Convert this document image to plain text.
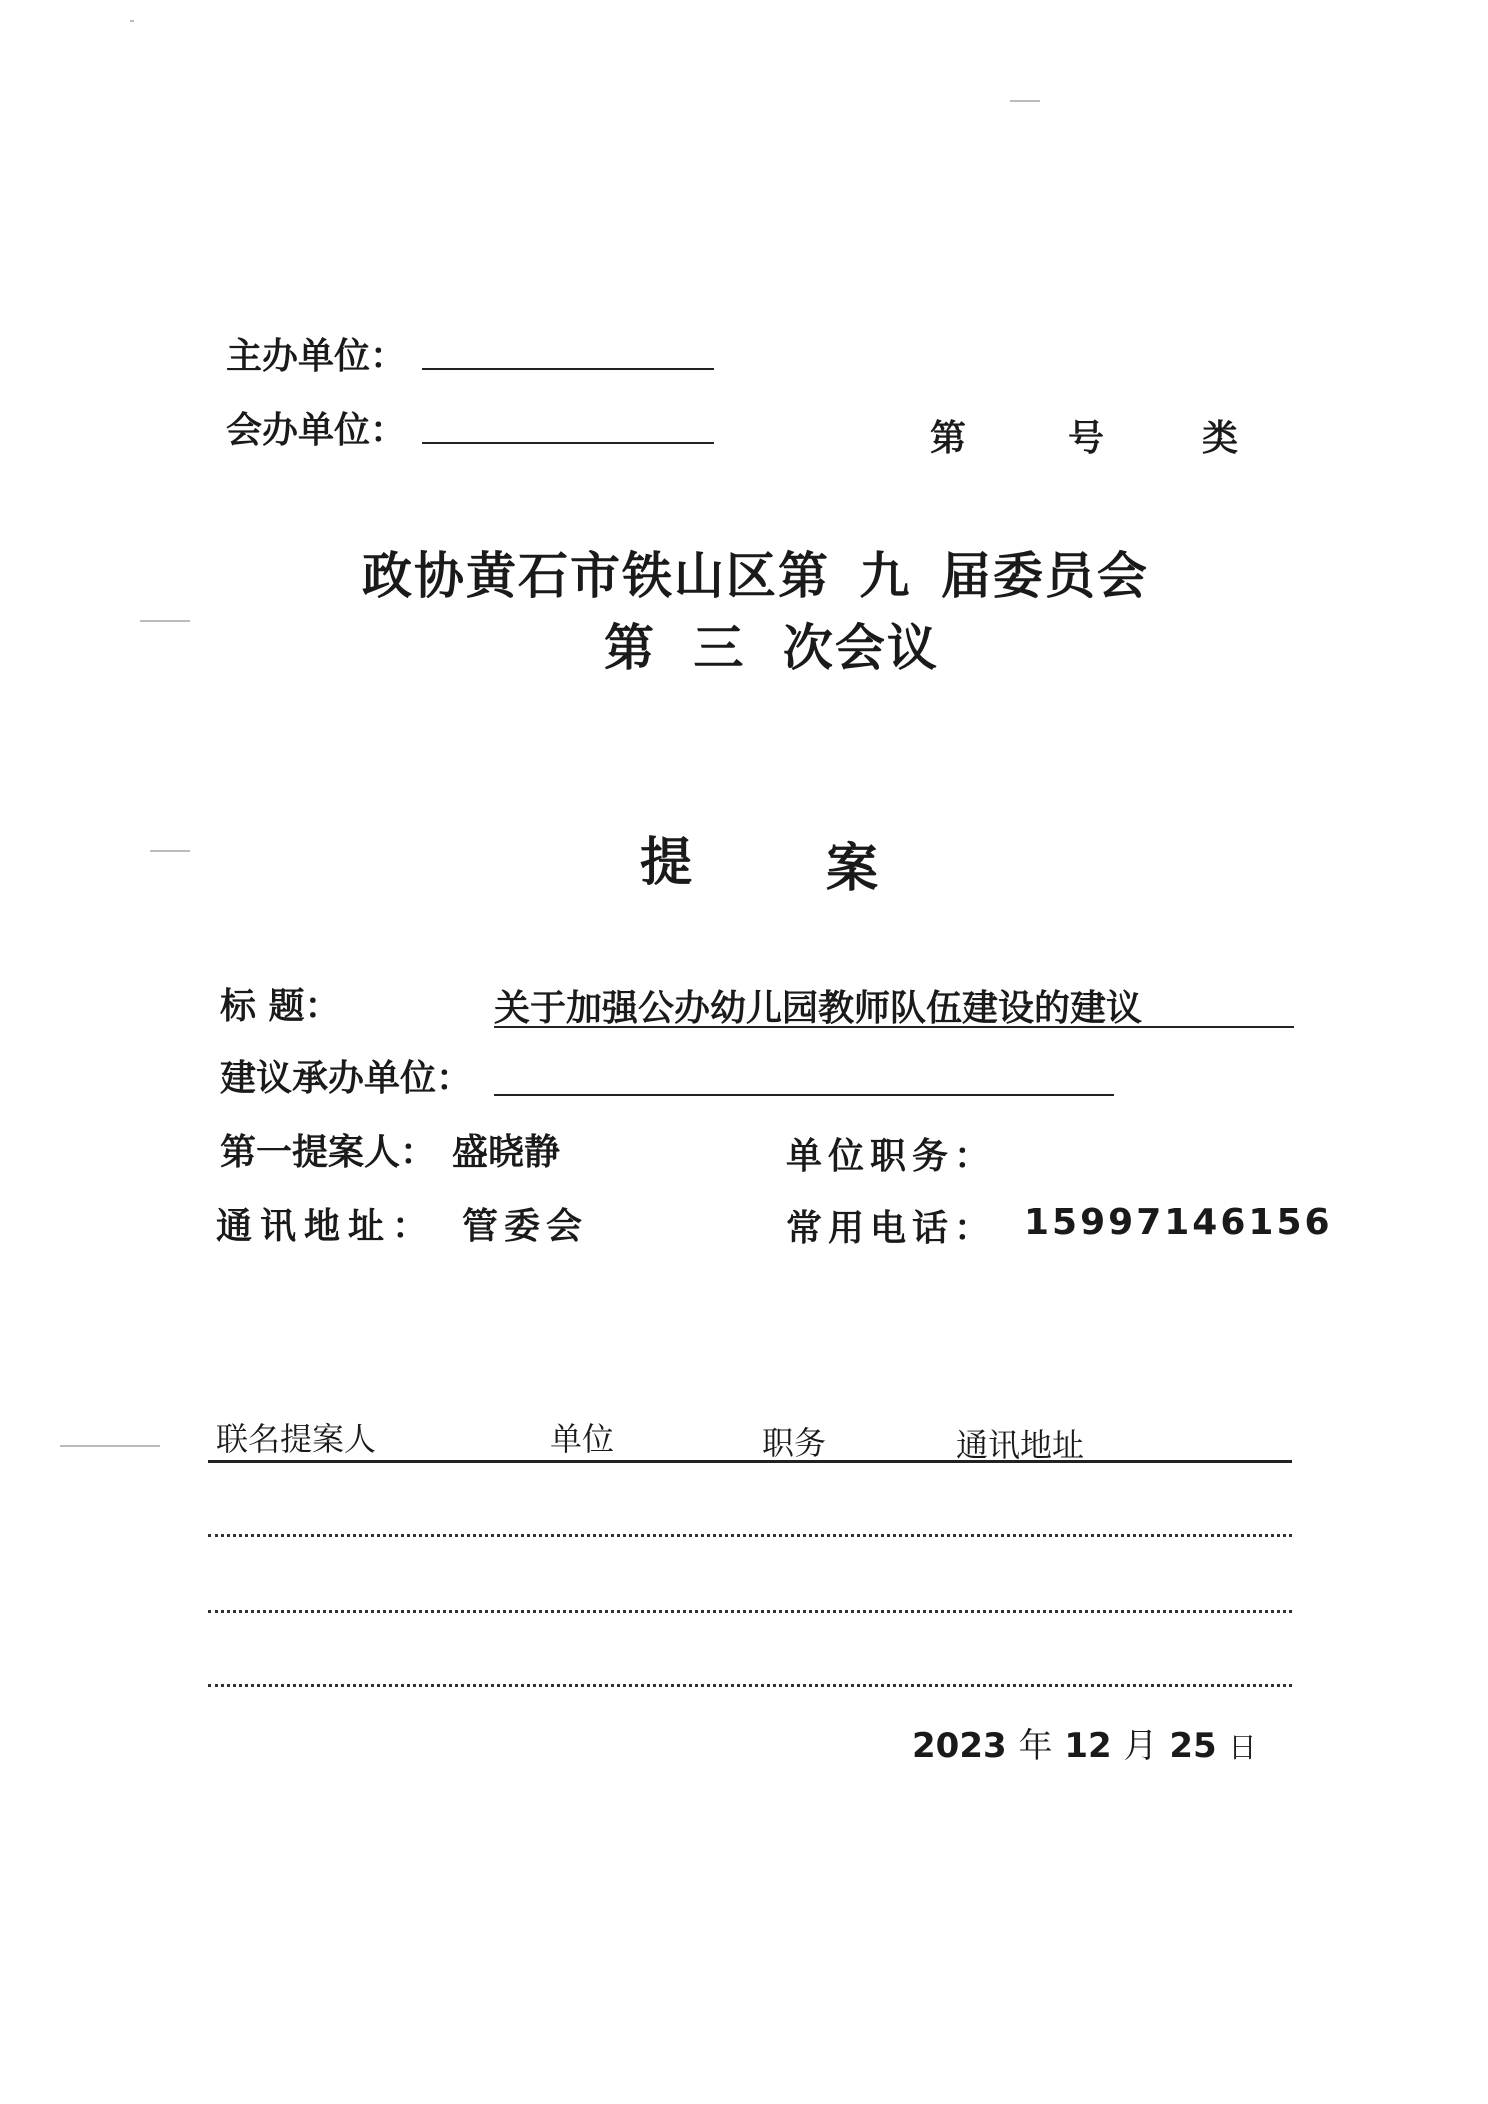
主办单位：
会办单位：	第	号	类
政协黄石市铁山区第 九 届委员会
第 三 次会议
提	案
标 题：	关于加强公办幼儿园教师队伍建设的建议
建议承办单位：
第一提案人： 盛晓静	单位职务：
通讯地址： 管委会	常用电话： 15997146156
联名提案人	单位	职务	通讯地址
2023 年 12 月 25 日
